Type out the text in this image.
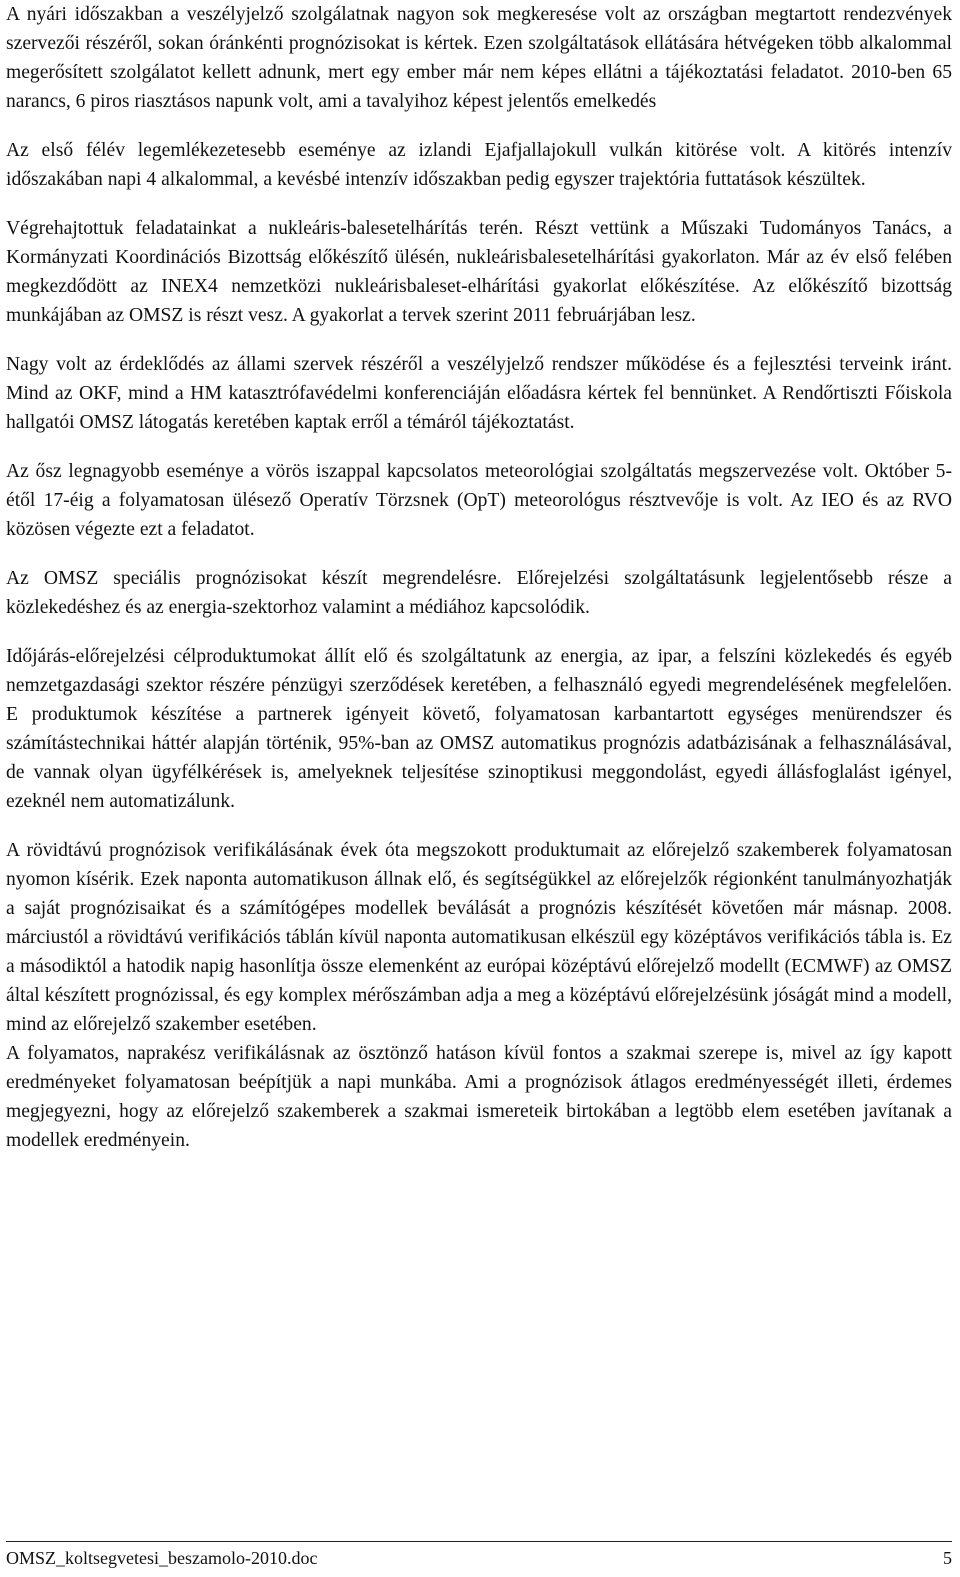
A nyári időszakban a veszélyjelző szolgálatnak nagyon sok megkeresése volt az országban megtartott rendezvények szervezői részéről, sokan óránkénti prognózisokat is kértek. Ezen szolgáltatások ellátására hétvégeken több alkalommal megerősített szolgálatot kellett adnunk, mert egy ember már nem képes ellátni a tájékoztatási feladatot. 2010-ben 65 narancs, 6 piros riasztásos napunk volt, ami a tavalyihoz képest jelentős emelkedés

Az első félév legemlékezetesebb eseménye az izlandi Ejafjallajokull vulkán kitörése volt. A kitörés intenzív időszakában napi 4 alkalommal, a kevésbé intenzív időszakban pedig egyszer trajektória futtatások készültek.

Végrehajtottuk feladatainkat a nukleáris-balesetelhárítás terén. Részt vettünk a Műszaki Tudományos Tanács, a Kormányzati Koordinációs Bizottság előkészítő ülésén, nukleárisbalesetelhárítási gyakorlaton. Már az év első felében megkezdődött az INEX4 nemzetközi nukleárisbaleset-elhárítási gyakorlat előkészítése. Az előkészítő bizottság munkájában az OMSZ is részt vesz. A gyakorlat a tervek szerint 2011 februárjában lesz.

Nagy volt az érdeklődés az állami szervek részéről a veszélyjelző rendszer működése és a fejlesztési terveink iránt. Mind az OKF, mind a HM katasztrófavédelmi konferenciáján előadásra kértek fel bennünket. A Rendőrtiszti Főiskola hallgatói OMSZ látogatás keretében kaptak erről a témáról tájékoztatást.

Az ősz legnagyobb eseménye a vörös iszappal kapcsolatos meteorológiai szolgáltatás megszervezése volt. Október 5-étől 17-éig a folyamatosan ülésező Operatív Törzsnek (OpT) meteorológus résztvevője is volt. Az IEO és az RVO közösen végezte ezt a feladatot.

Az OMSZ speciális prognózisokat készít megrendelésre. Előrejelzési szolgáltatásunk legjelentősebb része a közlekedéshez és az energia-szektorhoz valamint a médiához kapcsolódik.

Időjárás-előrejelzési célproduktumokat állít elő és szolgáltatunk az energia, az ipar, a felszíni közlekedés és egyéb nemzetgazdasági szektor részére pénzügyi szerződések keretében, a felhasználó egyedi megrendelésének megfelelően. E produktumok készítése a partnerek igényeit követő, folyamatosan karbantartott egységes menürendszer és számítástechnikai háttér alapján történik, 95%-ban az OMSZ automatikus prognózis adatbázisának a felhasználásával, de vannak olyan ügyfélkérések is, amelyeknek teljesítése szinoptikusi meggondolást, egyedi állásfoglalást igényel, ezeknél nem automatizálunk.

A rövidtávú prognózisok verifikálásának évek óta megszokott produktumait az előrejelző szakemberek folyamatosan nyomon kísérik. Ezek naponta automatikuson állnak elő, és segítségükkel az előrejelzők régionként tanulmányozhatják a saját prognózisaikat és a számítógépes modellek beválását a prognózis készítését követően már másnap. 2008. márciustól a rövidtávú verifikációs táblán kívül naponta automatikusan elkészül egy középtávos verifikációs tábla is. Ez a másodiktól a hatodik napig hasonlítja össze elemenként az európai középtávú előrejelző modellt (ECMWF) az OMSZ által készített prognózissal, és egy komplex mérőszámban adja a meg a középtávú előrejelzésünk jóságát mind a modell, mind az előrejelző szakember esetében.

A folyamatos, naprakész verifikálásnak az ösztönző hatáson kívül fontos a szakmai szerepe is, mivel az így kapott eredményeket folyamatosan beépítjük a napi munkába. Ami a prognózisok átlagos eredményességét illeti, érdemes megjegyezni, hogy az előrejelző szakemberek a szakmai ismereteik birtokában a legtöbb elem esetében javítanak a modellek eredményein.

OMSZ_koltsegvetesi_beszamolo-2010.doc	5
